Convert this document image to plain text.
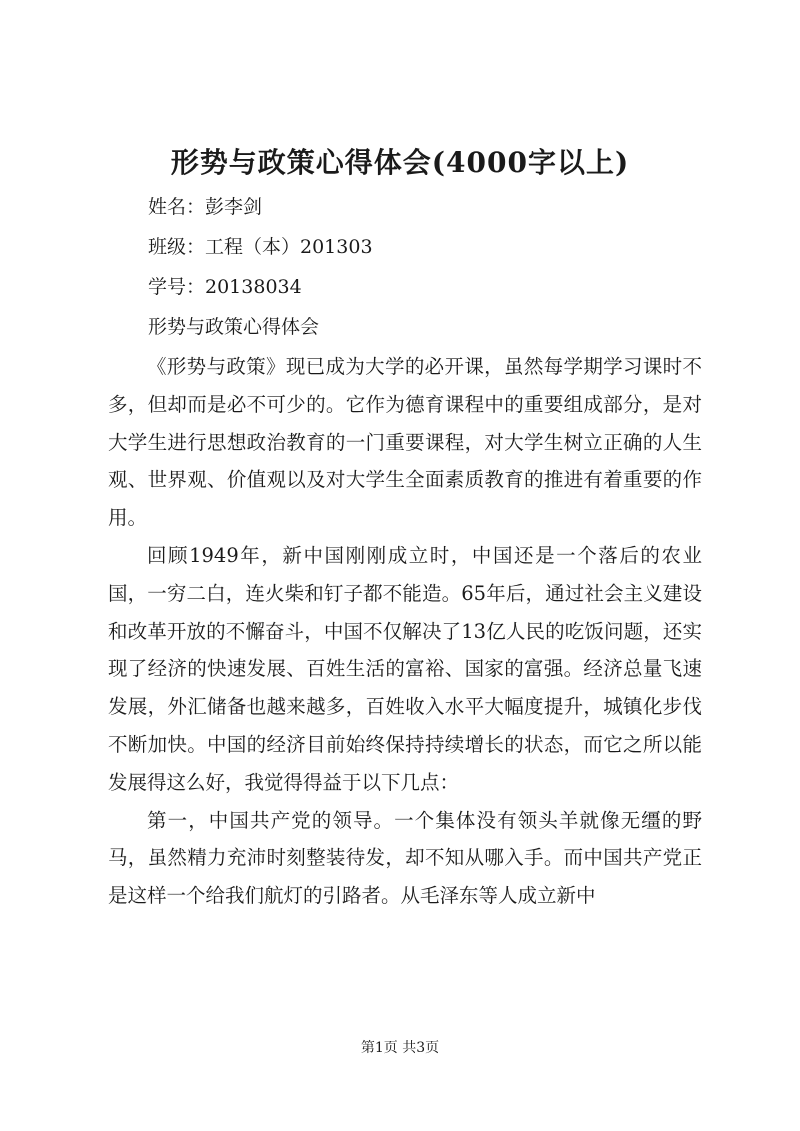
形势与政策心得体会(4000字以上)

姓名：彭李剑

班级：工程（本）201303

学号：20138034

形势与政策心得体会

《形势与政策》现已成为大学的必开课，虽然每学期学习课时不多，但却而是必不可少的。它作为德育课程中的重要组成部分，是对大学生进行思想政治教育的一门重要课程，对大学生树立正确的人生观、世界观、价值观以及对大学生全面素质教育的推进有着重要的作用。

回顾1949年，新中国刚刚成立时，中国还是一个落后的农业国，一穷二白，连火柴和钉子都不能造。65年后，通过社会主义建设和改革开放的不懈奋斗，中国不仅解决了13亿人民的吃饭问题，还实现了经济的快速发展、百姓生活的富裕、国家的富强。经济总量飞速发展，外汇储备也越来越多，百姓收入水平大幅度提升，城镇化步伐不断加快。中国的经济目前始终保持持续增长的状态，而它之所以能发展得这么好，我觉得得益于以下几点：

第一，中国共产党的领导。一个集体没有领头羊就像无缰的野马，虽然精力充沛时刻整装待发，却不知从哪入手。而中国共产党正是这样一个给我们航灯的引路者。从毛泽东等人成立新中

第1页 共3页
